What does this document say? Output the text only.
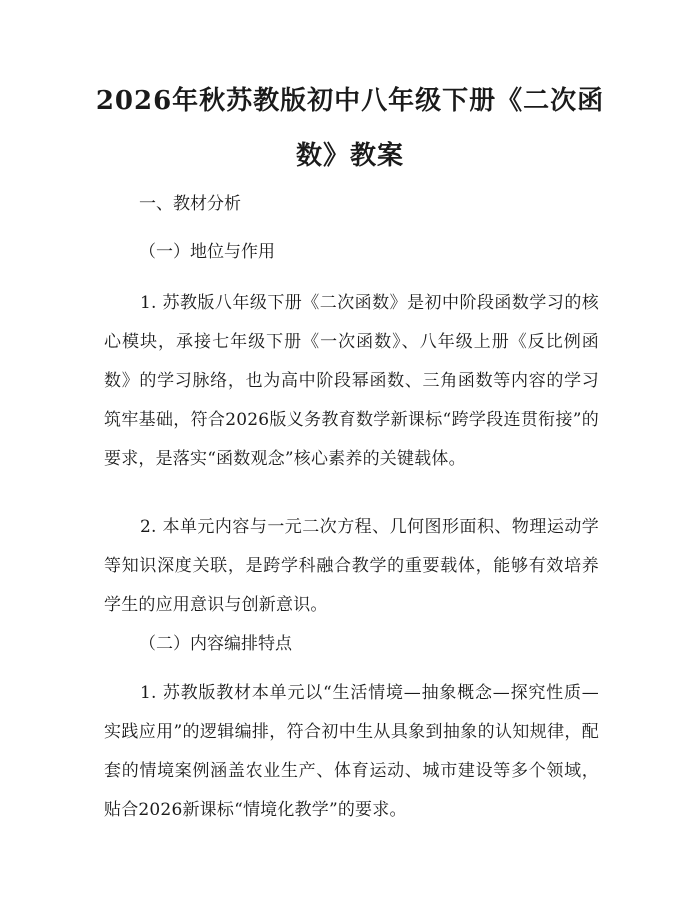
2026年秋苏教版初中八年级下册《二次函数》教案

一、教材分析

（一）地位与作用

1. 苏教版八年级下册《二次函数》是初中阶段函数学习的核心模块，承接七年级下册《一次函数》、八年级上册《反比例函数》的学习脉络，也为高中阶段幂函数、三角函数等内容的学习筑牢基础，符合2026版义务教育数学新课标“跨学段连贯衔接”的要求，是落实“函数观念”核心素养的关键载体。

2. 本单元内容与一元二次方程、几何图形面积、物理运动学等知识深度关联，是跨学科融合教学的重要载体，能够有效培养学生的应用意识与创新意识。

（二）内容编排特点

1. 苏教版教材本单元以“生活情境—抽象概念—探究性质—实践应用”的逻辑编排，符合初中生从具象到抽象的认知规律，配套的情境案例涵盖农业生产、体育运动、城市建设等多个领域，贴合2026新课标“情境化教学”的要求。
